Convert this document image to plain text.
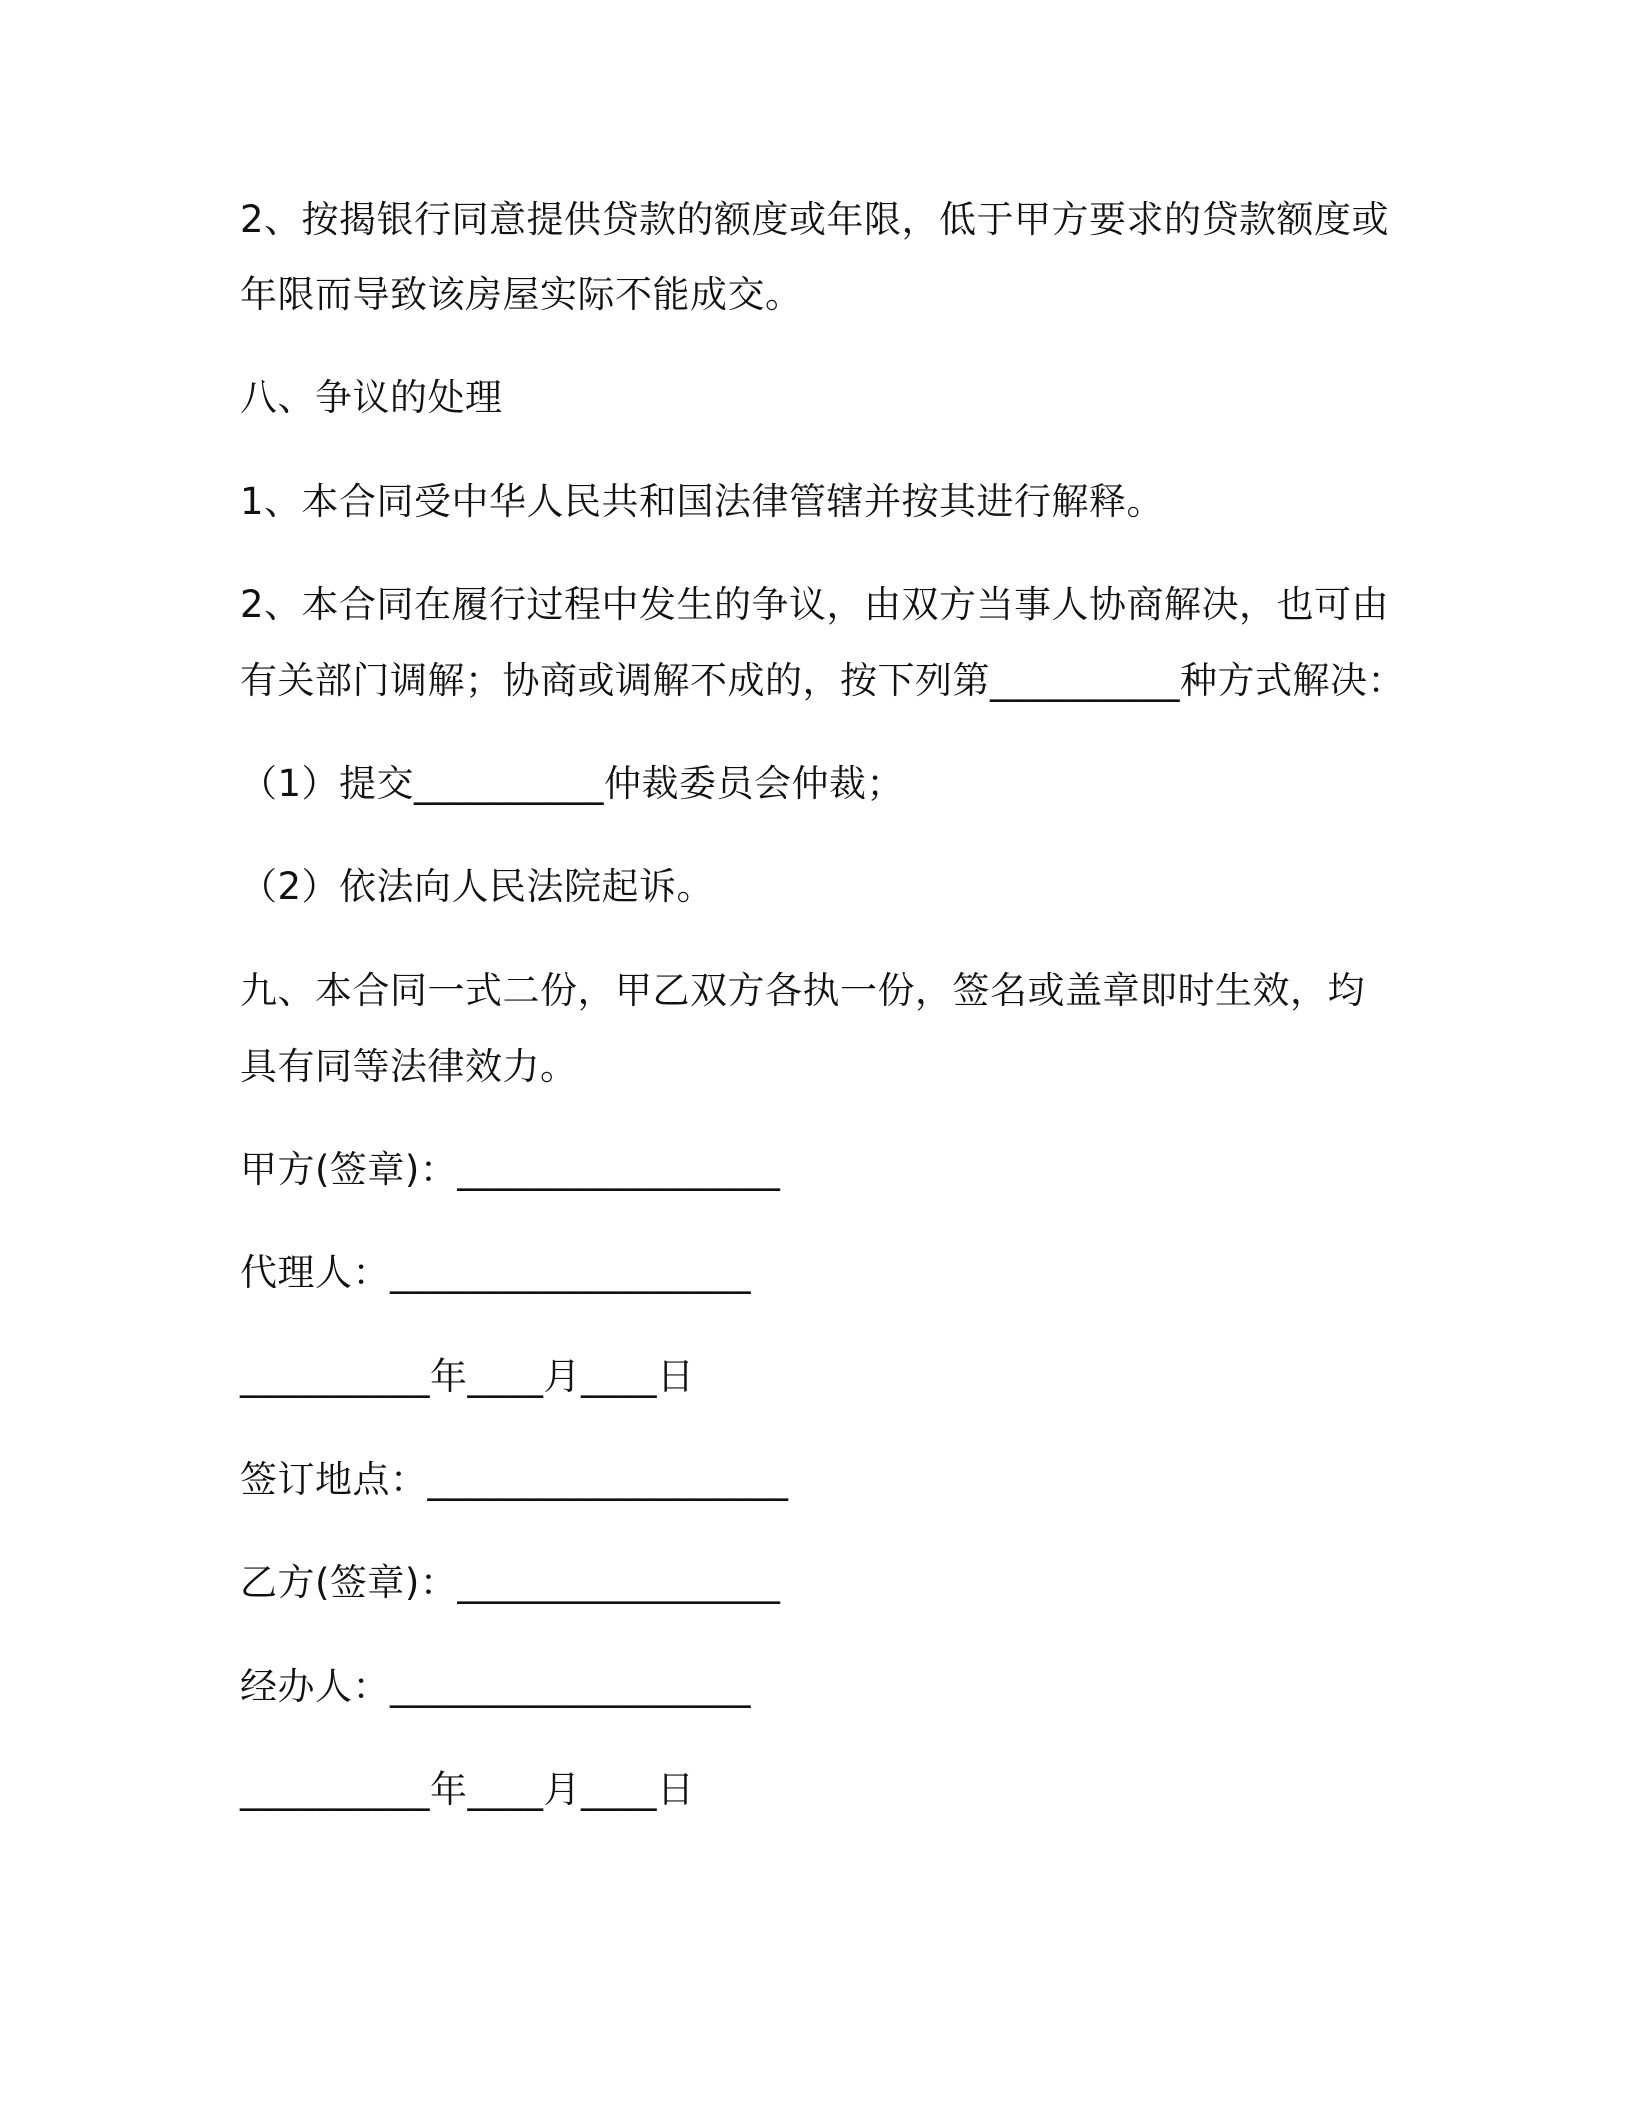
2、按揭银行同意提供贷款的额度或年限，低于甲方要求的贷款额度或
年限而导致该房屋实际不能成交。
八、争议的处理
1、本合同受中华人民共和国法律管辖并按其进行解释。
2、本合同在履行过程中发生的争议，由双方当事人协商解决，也可由
有关部门调解；协商或调解不成的，按下列第__________种方式解决：
（1）提交__________仲裁委员会仲裁；
（2）依法向人民法院起诉。
九、本合同一式二份，甲乙双方各执一份，签名或盖章即时生效，均
具有同等法律效力。
甲方(签章)：_________________
代理人：___________________
__________年____月____日
签订地点：___________________
乙方(签章)：_________________
经办人：___________________
__________年____月____日
